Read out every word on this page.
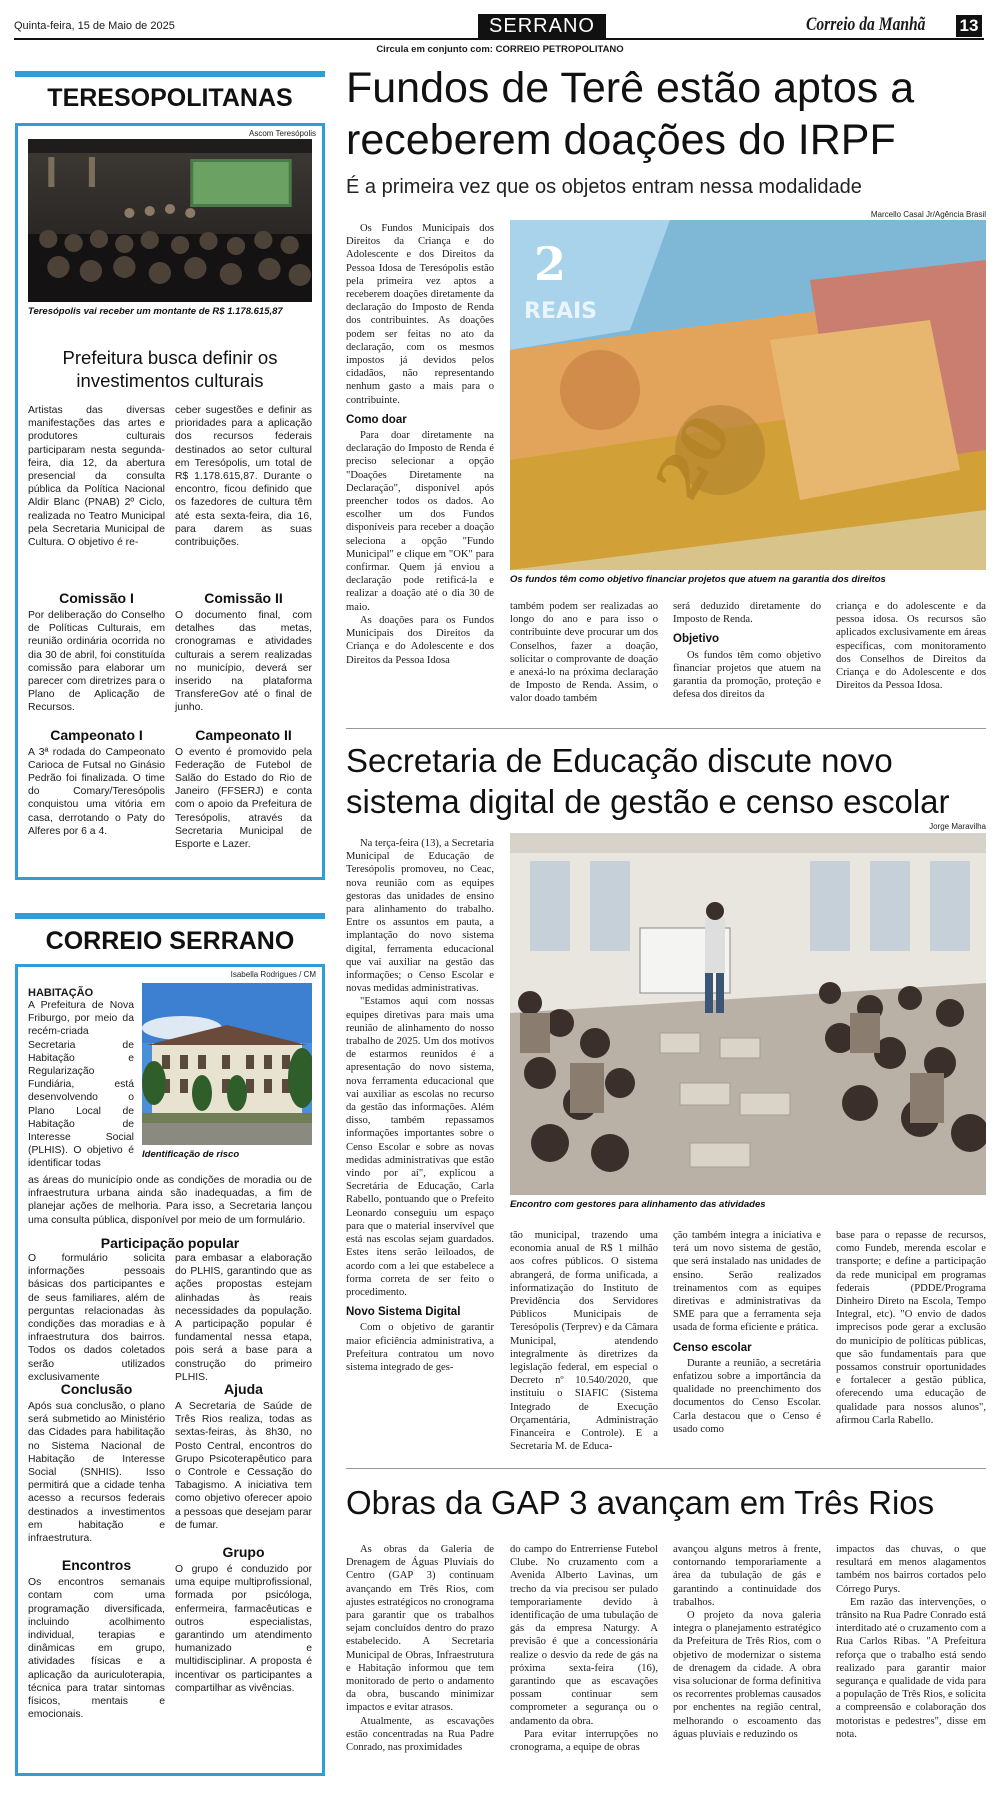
Quinta-feira, 15 de Maio de 2025	SERRANO	Correio da Manhã 13
Circula em conjunto com: CORREIO PETROPOLITANO
TERESOPOLITANAS
Ascom Teresópolis
Teresópolis vai receber um montante de R$ 1.178.615,87
Prefeitura busca definir os investimentos culturais
Artistas das diversas manifestações das artes e produtores culturais participaram nesta segunda-feira, dia 12, da abertura presencial da consulta pública da Política Nacional Aldir Blanc (PNAB) 2º Ciclo, realizada no Teatro Municipal pela Secretaria Municipal de Cultura. O objetivo é re-
ceber sugestões e definir as prioridades para a aplicação dos recursos federais destinados ao setor cultural em Teresópolis, um total de R$ 1.178.615,87. Durante o encontro, ficou definido que os fazedores de cultura têm até esta sexta-feira, dia 16, para darem as suas contribuições.
Comissão I
Por deliberação do Conselho de Políticas Culturais, em reunião ordinária ocorrida no dia 30 de abril, foi constituída comissão para elaborar um parecer com diretrizes para o Plano de Aplicação de Recursos.
Campeonato I
A 3ª rodada do Campeonato Carioca de Futsal no Ginásio Pedrão foi finalizada. O time do Comary/Teresópolis conquistou uma vitória em casa, derrotando o Paty do Alferes por 6 a 4.
Comissão II
O documento final, com detalhes das metas, cronogramas e atividades culturais a serem realizadas no município, deverá ser inserido na plataforma TransfereGov até o final de junho.
Campeonato II
O evento é promovido pela Federação de Futebol de Salão do Estado do Rio de Janeiro (FFSERJ) e conta com o apoio da Prefeitura de Teresópolis, através da Secretaria Municipal de Esporte e Lazer.
CORREIO SERRANO
Isabella Rodrigues / CM
Identificação de risco
HABITAÇÃO
A Prefeitura de Nova Friburgo, por meio da recém-criada Secretaria de Habitação e Regularização Fundiária, está desenvolvendo o Plano Local de Habitação de Interesse Social (PLHIS). O objetivo é identificar todas
as áreas do município onde as condições de moradia ou de infraestrutura urbana ainda são inadequadas, a fim de planejar ações de melhoria. Para isso, a Secretaria lançou uma consulta pública, disponível por meio de um formulário.
Participação popular
O formulário solicita informações pessoais básicas dos participantes e de seus familiares, além de perguntas relacionadas às condições das moradias e à infraestrutura dos bairros. Todos os dados coletados serão utilizados exclusivamente
para embasar a elaboração do PLHIS, garantindo que as ações propostas estejam alinhadas às reais necessidades da população. A participação popular é fundamental nessa etapa, pois será a base para a construção do primeiro PLHIS.
Conclusão
Após sua conclusão, o plano será submetido ao Ministério das Cidades para habilitação no Sistema Nacional de Habitação de Interesse Social (SNHIS). Isso permitirá que a cidade tenha acesso a recursos federais destinados a investimentos em habitação e infraestrutura.
Encontros
Os encontros semanais contam com uma programação diversificada, incluindo acolhimento individual, terapias e dinâmicas em grupo, atividades físicas e a aplicação da auriculoterapia, técnica para tratar sintomas físicos, mentais e emocionais.
Ajuda
A Secretaria de Saúde de Três Rios realiza, todas as sextas-feiras, às 8h30, no Posto Central, encontros do Grupo Psicoterapêutico para o Controle e Cessação do Tabagismo. A iniciativa tem como objetivo oferecer apoio a pessoas que desejam parar de fumar.
Grupo
O grupo é conduzido por uma equipe multiprofissional, formada por psicóloga, enfermeira, farmacêuticas e outros especialistas, garantindo um atendimento humanizado e multidisciplinar. A proposta é incentivar os participantes a compartilhar as vivências.
Fundos de Terê estão aptos a receberem doações do IRPF
É a primeira vez que os objetos entram nessa modalidade
Marcello Casal Jr/Agência Brasil
2
REAIS
20
Os fundos têm como objetivo financiar projetos que atuem na garantia dos direitos

Os Fundos Municipais dos Direitos da Criança e do Adolescente e dos Direitos da Pessoa Idosa de Teresópolis estão pela primeira vez aptos a receberem doações diretamente da declaração do Imposto de Renda dos contribuintes. As doações podem ser feitas no ato da declaração, com os mesmos impostos já devidos pelos cidadãos, não representando nenhum gasto a mais para o contribuinte.

Como doar

Para doar diretamente na declaração do Imposto de Renda é preciso selecionar a opção "Doações Diretamente na Declaração", disponível após preencher todos os dados. Ao escolher um dos Fundos disponíveis para receber a doação seleciona a opção "Fundo Municipal" e clique em "OK" para confirmar. Quem já enviou a declaração pode retificá-la e realizar a doação até o dia 30 de maio.

As doações para os Fundos Municipais dos Direitos da Criança e do Adolescente e dos Direitos da Pessoa Idosa

também podem ser realizadas ao longo do ano e para isso o contribuinte deve procurar um dos Conselhos, fazer a doação, solicitar o comprovante de doação e anexá-lo na próxima declaração de Imposto de Renda. Assim, o valor doado também

será deduzido diretamente do Imposto de Renda.

Objetivo

Os fundos têm como objetivo financiar projetos que atuem na garantia da promoção, proteção e defesa dos direitos da

criança e do adolescente e da pessoa idosa. Os recursos são aplicados exclusivamente em áreas específicas, com monitoramento dos Conselhos de Direitos da Criança e do Adolescente e dos Direitos da Pessoa Idosa.

Secretaria de Educação discute novo sistema digital de gestão e censo escolar
Jorge Maravilha
Encontro com gestores para alinhamento das atividades

Na terça-feira (13), a Secretaria Municipal de Educação de Teresópolis promoveu, no Ceac, nova reunião com as equipes gestoras das unidades de ensino para alinhamento do trabalho. Entre os assuntos em pauta, a implantação do novo sistema digital, ferramenta educacional que vai auxiliar na gestão das informações; o Censo Escolar e novas medidas administrativas.

"Estamos aqui com nossas equipes diretivas para mais uma reunião de alinhamento do nosso trabalho de 2025. Um dos motivos de estarmos reunidos é a apresentação do novo sistema, nova ferramenta educacional que vai auxiliar as escolas no recurso da gestão das informações. Além disso, também repassamos informações importantes sobre o Censo Escolar e sobre as novas medidas administrativas que estão vindo por aí", explicou a Secretária de Educação, Carla Rabello, pontuando que o Prefeito Leonardo conseguiu um espaço para que o material inservível que está nas escolas sejam guardados. Estes itens serão leiloados, de acordo com a lei que estabelece a forma correta de ser feito o procedimento.

Novo Sistema Digital

Com o objetivo de garantir maior eficiência administrativa, a Prefeitura contratou um novo sistema integrado de ges-

tão municipal, trazendo uma economia anual de R$ 1 milhão aos cofres públicos. O sistema abrangerá, de forma unificada, a informatização do Instituto de Previdência dos Servidores Públicos Municipais de Teresópolis (Terprev) e da Câmara Municipal, atendendo integralmente às diretrizes da legislação federal, em especial o Decreto nº 10.540/2020, que instituiu o SIAFIC (Sistema Integrado de Execução Orçamentária, Administração Financeira e Controle). E a Secretaria M. de Educa-

ção também integra a iniciativa e terá um novo sistema de gestão, que será instalado nas unidades de ensino. Serão realizados treinamentos com as equipes diretivas e administrativas da SME para que a ferramenta seja usada de forma eficiente e prática.

Censo escolar

Durante a reunião, a secretária enfatizou sobre a importância da qualidade no preenchimento dos documentos do Censo Escolar. Carla destacou que o Censo é usado como

base para o repasse de recursos, como Fundeb, merenda escolar e transporte; e define a participação da rede municipal em programas federais (PDDE/Programa Dinheiro Direto na Escola, Tempo Integral, etc). "O envio de dados imprecisos pode gerar a exclusão do município de políticas públicas, que são fundamentais para que possamos construir oportunidades e fortalecer a gestão pública, oferecendo uma educação de qualidade para nossos alunos", afirmou Carla Rabello.

Obras da GAP 3 avançam em Três Rios

As obras da Galeria de Drenagem de Águas Pluviais do Centro (GAP 3) continuam avançando em Três Rios, com ajustes estratégicos no cronograma para garantir que os trabalhos sejam concluídos dentro do prazo estabelecido. A Secretaria Municipal de Obras, Infraestrutura e Habitação informou que tem monitorado de perto o andamento da obra, buscando minimizar impactos e evitar atrasos.

Atualmente, as escavações estão concentradas na Rua Padre Conrado, nas proximidades

do campo do Entrerriense Futebol Clube. No cruzamento com a Avenida Alberto Lavinas, um trecho da via precisou ser pulado temporariamente devido à identificação de uma tubulação de gás da empresa Naturgy. A previsão é que a concessionária realize o desvio da rede de gás na próxima sexta-feira (16), garantindo que as escavações possam continuar sem comprometer a segurança ou o andamento da obra.

Para evitar interrupções no cronograma, a equipe de obras

avançou alguns metros à frente, contornando temporariamente a área da tubulação de gás e garantindo a continuidade dos trabalhos.

O projeto da nova galeria integra o planejamento estratégico da Prefeitura de Três Rios, com o objetivo de modernizar o sistema de drenagem da cidade. A obra visa solucionar de forma definitiva os recorrentes problemas causados por enchentes na região central, melhorando o escoamento das águas pluviais e reduzindo os

impactos das chuvas, o que resultará em menos alagamentos também nos bairros cortados pelo Córrego Purys.

Em razão das intervenções, o trânsito na Rua Padre Conrado está interditado até o cruzamento com a Rua Carlos Ribas. "A Prefeitura reforça que o trabalho está sendo realizado para garantir maior segurança e qualidade de vida para a população de Três Rios, e solicita a compreensão e colaboração dos motoristas e pedestres", disse em nota.
